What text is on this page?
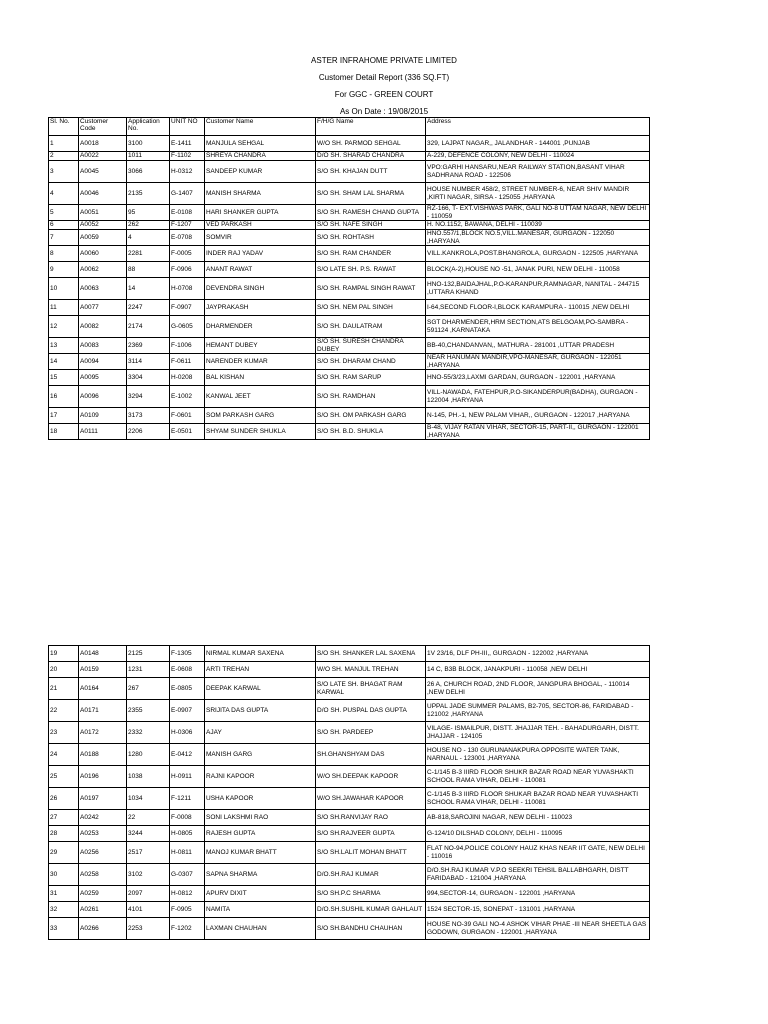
ASTER INFRAHOME PRIVATE LIMITED
Customer Detail Report (336 SQ.FT)
For GGC - GREEN COURT
As On Date : 19/08/2015
Sl. No.	Customer Code	Application No.	UNIT NO	Customer Name	F/H/G Name	Address
1	A0018	3100	E-1411	MANJULA SEHGAL	W/O SH. PARMOD SEHGAL	329, LAJPAT NAGAR,, JALANDHAR - 144001 ,PUNJAB
2	A0022	1011	F-1102	SHREYA CHANDRA	D/O SH. SHARAD CHANDRA	A-229, DEFENCE COLONY, NEW DELHI - 110024
3	A0045	3066	H-0312	SANDEEP KUMAR	S/O SH. KHAJAN DUTT	VPO:GARHI HANSARU,NEAR RAILWAY STATION,BASANT VIHAR SADHRANA ROAD - 122506
4	A0046	2135	G-1407	MANISH SHARMA	S/O SH. SHAM LAL SHARMA	HOUSE NUMBER 458/2, STREET NUMBER-6, NEAR SHIV MANDIR ,KIRTI NAGAR, SIRSA - 125055 ,HARYANA
5	A0051	95	E-0108	HARI SHANKER GUPTA	S/O SH. RAMESH CHAND GUPTA	RZ-166, T- EXT.VISHWAS PARK, GALI NO-8 UTTAM NAGAR, NEW DELHI - 110059
6	A0052	262	F-1207	VED PARKASH	S/O SH. NAFE SINGH	H. NO.1152, BAWANA, DELHI - 110039
7	A0059	4	E-0708	SOMVIR	S/O SH. ROHTASH	HNO.557/1,BLOCK NO.5,VILL.MANESAR, GURGAON - 122050 ,HARYANA
8	A0060	2281	F-0005	INDER RAJ YADAV	S/O SH. RAM CHANDER	VILL.KANKROLA,POST.BHANGROLA, GURGAON - 122505 ,HARYANA
9	A0062	88	F-0906	ANANT RAWAT	S/O LATE SH. P.S. RAWAT	BLOCK(A-2),HOUSE NO -51, JANAK PURI, NEW DELHI - 110058
10	A0063	14	H-0708	DEVENDRA SINGH	S/O SH. RAMPAL SINGH RAWAT	HNO-132,BAIDAJHAL,P.O-KARANPUR,RAMNAGAR, NANITAL - 244715 ,UTTARA KHAND
11	A0077	2247	F-0907	JAYPRAKASH	S/O SH. NEM PAL SINGH	I-64,SECOND FLOOR-I,BLOCK KARAMPURA - 110015 ,NEW DELHI
12	A0082	2174	G-0605	DHARMENDER	S/O SH. DAULATRAM	SGT DHARMENDER,HRM SECTION,ATS BELGOAM,PO-SAMBRA - 591124 ,KARNATAKA
13	A0083	2369	F-1006	HEMANT DUBEY	S/O SH. SURESH CHANDRA DUBEY	BB-40,CHANDANVAN,, MATHURA - 281001 ,UTTAR PRADESH
14	A0094	3114	F-0611	NARENDER KUMAR	S/O SH. DHARAM CHAND	NEAR HANUMAN MANDIR,VPO-MANESAR, GURGAON - 122051 ,HARYANA
15	A0095	3304	H-0208	BAL KISHAN	S/O SH. RAM SARUP	HNO-55/3/23,LAXMI GARDAN, GURGAON - 122001 ,HARYANA
16	A0096	3294	E-1002	KANWAL JEET	S/O SH. RAMDHAN	VILL-NAWADA, FATEHPUR,P.O-SIKANDERPUR(BADHA), GURGAON - 122004 ,HARYANA
17	A0109	3173	F-0601	SOM PARKASH GARG	S/O SH. OM PARKASH GARG	N-145, PH.-1, NEW PALAM VIHAR,, GURGAON - 122017 ,HARYANA
18	A0111	2206	E-0501	SHYAM SUNDER SHUKLA	S/O SH. B.D. SHUKLA	B-48, VIJAY RATAN VIHAR, SECTOR-15, PART-II,, GURGAON - 122001 ,HARYANA
19	A0148	2125	F-1305	NIRMAL KUMAR SAXENA	S/O SH. SHANKER LAL SAXENA	1V 23/16, DLF PH-III,, GURGAON - 122002 ,HARYANA
20	A0159	1231	E-0608	ARTI TREHAN	W/O SH. MANJUL TREHAN	14 C, B3B BLOCK, JANAKPURI - 110058 ,NEW DELHI
21	A0164	267	E-0805	DEEPAK KARWAL	S/O LATE SH. BHAGAT RAM KARWAL	26 A, CHURCH ROAD, 2ND FLOOR, JANGPURA BHOGAL, - 110014 ,NEW DELHI
22	A0171	2355	E-0907	SRIJITA DAS GUPTA	D/O SH. PUSPAL DAS GUPTA	UPPAL JADE SUMMER PALAMS, B2-705, SECTOR-86, FARIDABAD - 121002 ,HARYANA
23	A0172	2332	H-0306	AJAY	S/O SH. PARDEEP	VILAGE- ISMAILPUR, DISTT. JHAJJAR TEH. - BAHADURGARH, DISTT. JHAJJAR - 124105
24	A0188	1280	E-0412	MANISH GARG	SH.GHANSHYAM DAS	HOUSE NO - 130 GURUNANAKPURA OPPOSITE WATER TANK, NARNAUL - 123001 ,HARYANA
25	A0196	1038	H-0911	RAJNI KAPOOR	W/O SH.DEEPAK KAPOOR	C-1/145 B-3 IIIRD FLOOR SHUKR BAZAR ROAD NEAR YUVASHAKTI SCHOOL RAMA VIHAR, DELHI - 110081
26	A0197	1034	F-1211	USHA KAPOOR	W/O SH.JAWAHAR KAPOOR	C-1/145 B-3 IIIRD FLOOR SHUKAR BAZAR ROAD NEAR YUVASHAKTI SCHOOL RAMA VIHAR, DELHI - 110081
27	A0242	22	F-0008	SONI LAKSHMI RAO	S/O SH.RANVIJAY RAO	AB-818,SAROJINI NAGAR, NEW DELHI - 110023
28	A0253	3244	H-0805	RAJESH GUPTA	S/O SH.RAJVEER GUPTA	G-124/10 DILSHAD COLONY, DELHI - 110095
29	A0256	2517	H-0811	MANOJ KUMAR BHATT	S/O SH.LALIT MOHAN BHATT	FLAT NO-94,POLICE COLONY HAUZ KHAS NEAR IIT GATE, NEW DELHI - 110016
30	A0258	3102	G-0307	SAPNA SHARMA	D/O.SH.RAJ KUMAR	D/O.SH.RAJ KUMAR V.P.O SEEKRI TEHSIL BALLABHGARH, DISTT FARIDABAD - 121004 ,HARYANA
31	A0259	2097	H-0812	APURV DIXIT	S/O SH.P.C SHARMA	994,SECTOR-14, GURGAON - 122001 ,HARYANA
32	A0261	4101	F-0905	NAMITA	D/O.SH.SUSHIL KUMAR GAHLAUT	1524 SECTOR-15, SONEPAT - 131001 ,HARYANA
33	A0266	2253	F-1202	LAXMAN CHAUHAN	S/O SH.BANDHU CHAUHAN	HOUSE NO-39 GALI NO-4 ASHOK VIHAR PHAE -III NEAR SHEETLA GAS GODOWN, GURGAON - 122001 ,HARYANA
